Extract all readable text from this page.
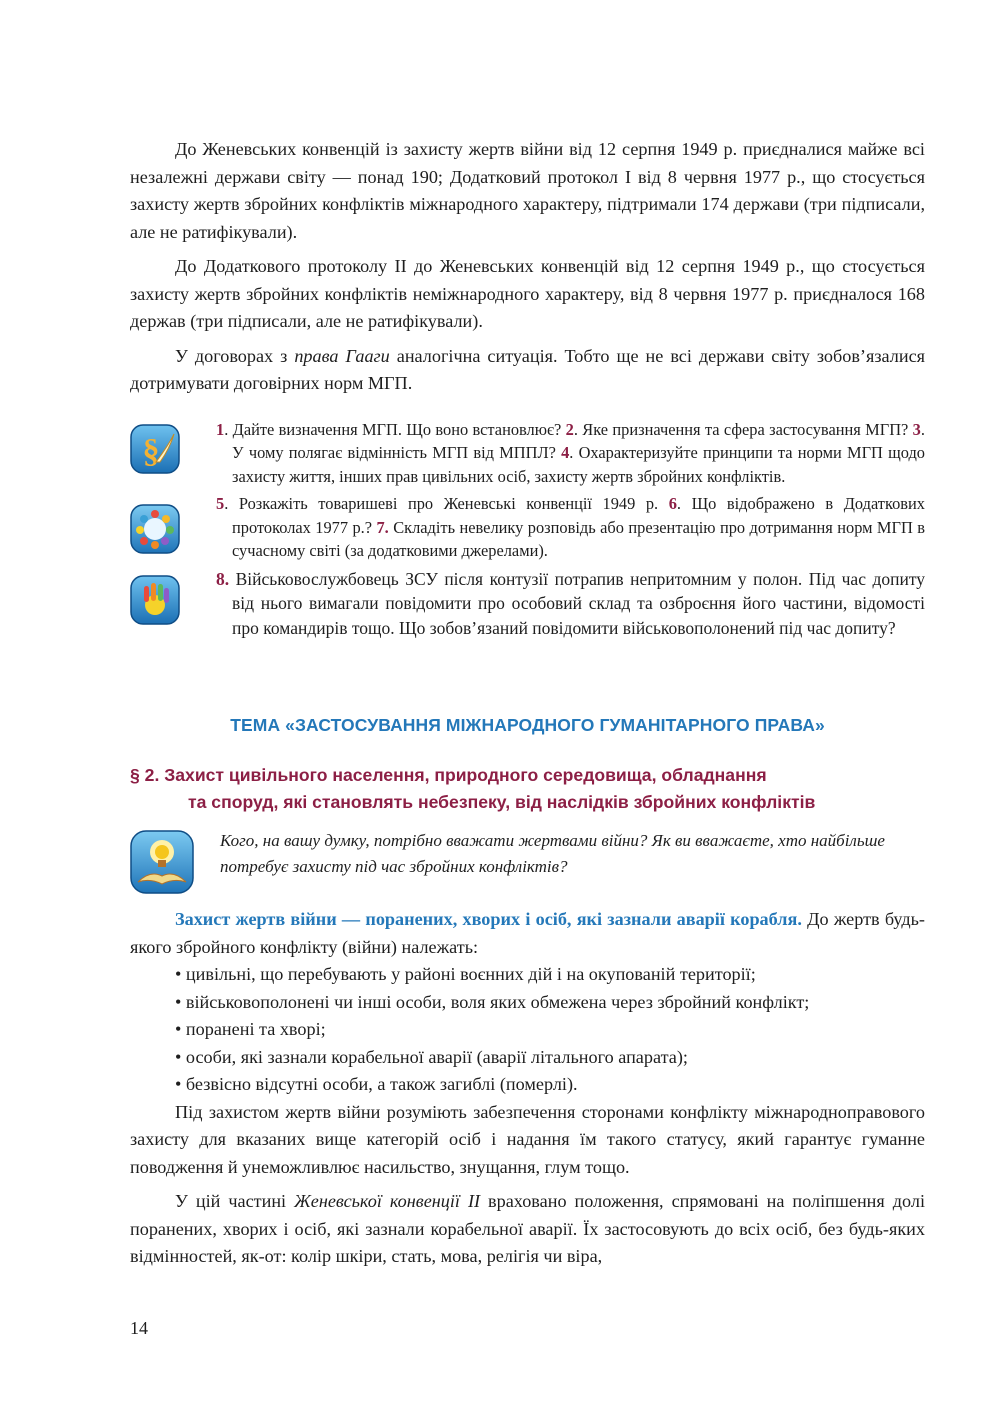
До Женевських конвенцій із захисту жертв війни від 12 серпня 1949 р. приєдналися майже всі незалежні держави світу — понад 190; Додатковий протокол I від 8 червня 1977 р., що стосується захисту жертв збройних конфліктів міжнародного характеру, підтримали 174 держави (три підписали, але не ратифікували).

До Додаткового протоколу II до Женевських конвенцій від 12 серпня 1949 р., що стосується захисту жертв збройних конфліктів неміжнародного характеру, від 8 червня 1977 р. приєдналося 168 держав (три підписали, але не ратифікували).

У договорах з права Гааги аналогічна ситуація. Тобто ще не всі держави світу зобов’язалися дотримувати договірних норм МГП.

§
1. Дайте визначення МГП. Що воно встановлює? 2. Яке призначення та сфера застосування МГП? 3. У чому полягає відмінність МГП від МППЛ? 4. Охарактеризуйте принципи та норми МГП щодо захисту життя, інших прав цивільних осіб, захисту жертв збройних конфліктів.
5. Розкажіть товаришеві про Женевські конвенції 1949 р. 6. Що відображено в Додаткових протоколах 1977 р.? 7. Складіть невелику розповідь або презентацію про дотримання норм МГП в сучасному світі (за додатковими джерелами).
8. Військовослужбовець ЗСУ після контузії потрапив непритомним у полон. Під час допиту від нього вимагали повідомити про особовий склад та озброєння його частини, відомості про командирів тощо. Що зобов’язаний повідомити військовополонений під час допиту?
ТЕМА «ЗАСТОСУВАННЯ МІЖНАРОДНОГО ГУМАНІТАРНОГО ПРАВА»
§ 2. Захист цивільного населення, природного середовища, обладнання
та споруд, які становлять небезпеку, від наслідків збройних конфліктів
Кого, на вашу думку, потрібно вважати жертвами війни? Як ви вважаєте, хто найбільше потребує захисту під час збройних конфліктів?

Захист жертв війни — поранених, хворих і осіб, які зазнали аварії корабля. До жертв будь-якого збройного конфлікту (війни) належать:

• цивільні, що перебувають у районі воєнних дій і на окупованій території;
• військовополонені чи інші особи, воля яких обмежена через збройний конфлікт;
• поранені та хворі;
• особи, які зазнали корабельної аварії (аварії літального апарата);
• безвісно відсутні особи, а також загиблі (померлі).

Під захистом жертв війни розуміють забезпечення сторонами конфлікту міжнародноправового захисту для вказаних вище категорій осіб і надання їм такого статусу, який гарантує гуманне поводження й унеможливлює насильство, знущання, глум тощо.

У цій частині Женевської конвенції II враховано положення, спрямовані на поліпшення долі поранених, хворих і осіб, які зазнали корабельної аварії. Їх застосовують до всіх осіб, без будь-яких відмінностей, як-от: колір шкіри, стать, мова, релігія чи віра,

14
